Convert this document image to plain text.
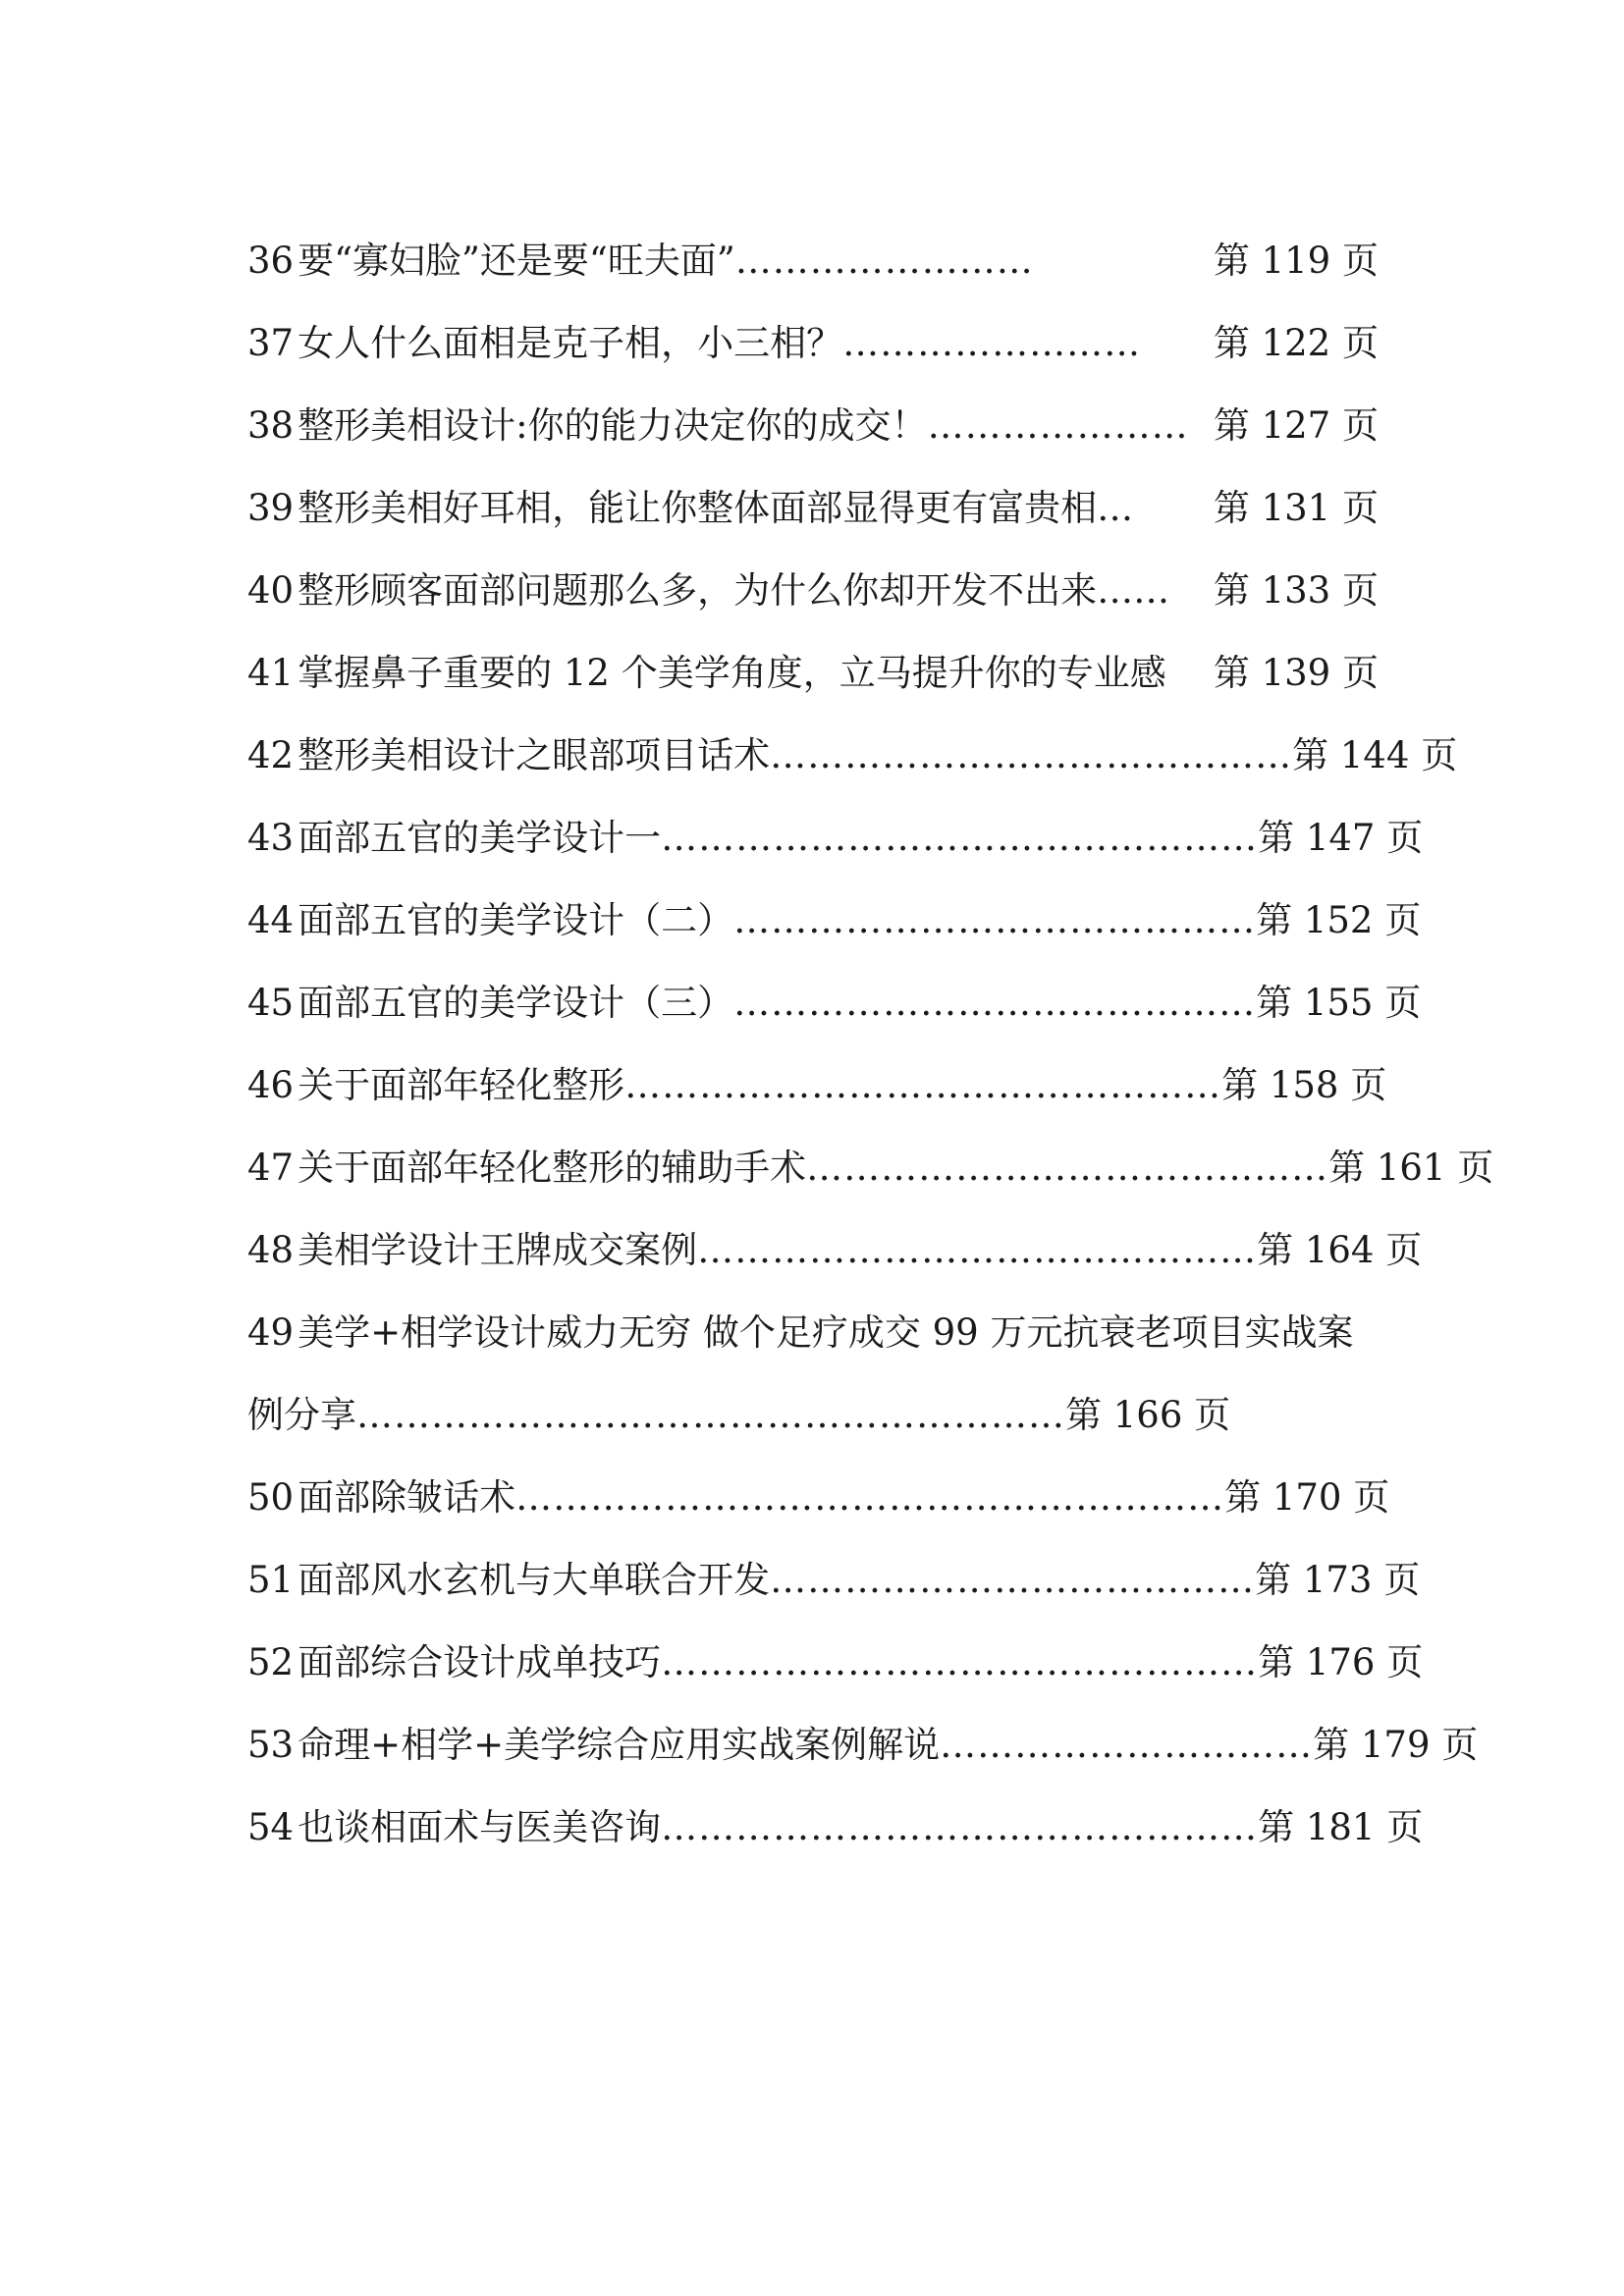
36 要“寡妇脸”还是要“旺夫面” ……………………	第 119 页
37 女人什么面相是克子相，小三相？ …………………… 第 122 页
38 整形美相设计:你的能力决定你的成交！ ………………… 第 127 页
39 整形美相好耳相，能让你整体面部显得更有富贵相… 第 131 页
40 整形顾客面部问题那么多，为什么你却开发不出来…… 第 133 页
41 掌握鼻子重要的 12 个美学角度，立马提升你的专业感 第 139 页
42 整形美相设计之眼部项目话术 …………………………………… 第 144 页
43 面部五官的美学设计一 ………………………………………… 第 147 页
44 面部五官的美学设计（二） …………………………………… 第 152 页
45 面部五官的美学设计（三） …………………………………… 第 155 页
46 关于面部年轻化整形 ………………………………………… 第 158 页
47 关于面部年轻化整形的辅助手术 …………………………………… 第 161 页
48 美相学设计王牌成交案例 ……………………………………… 第 164 页
49 美学+相学设计威力无穷 做个足疗成交 99 万元抗衰老项目实战案
例分享 ………………………………………………… 第 166 页
50 面部除皱话术 ………………………………………………… 第 170 页
51 面部风水玄机与大单联合开发 ………………………………… 第 173 页
52 面部综合设计成单技巧 ………………………………………… 第 176 页
53 命理+相学+美学综合应用实战案例解说 ………………………… 第 179 页
54 也谈相面术与医美咨询 ………………………………………… 第 181 页
